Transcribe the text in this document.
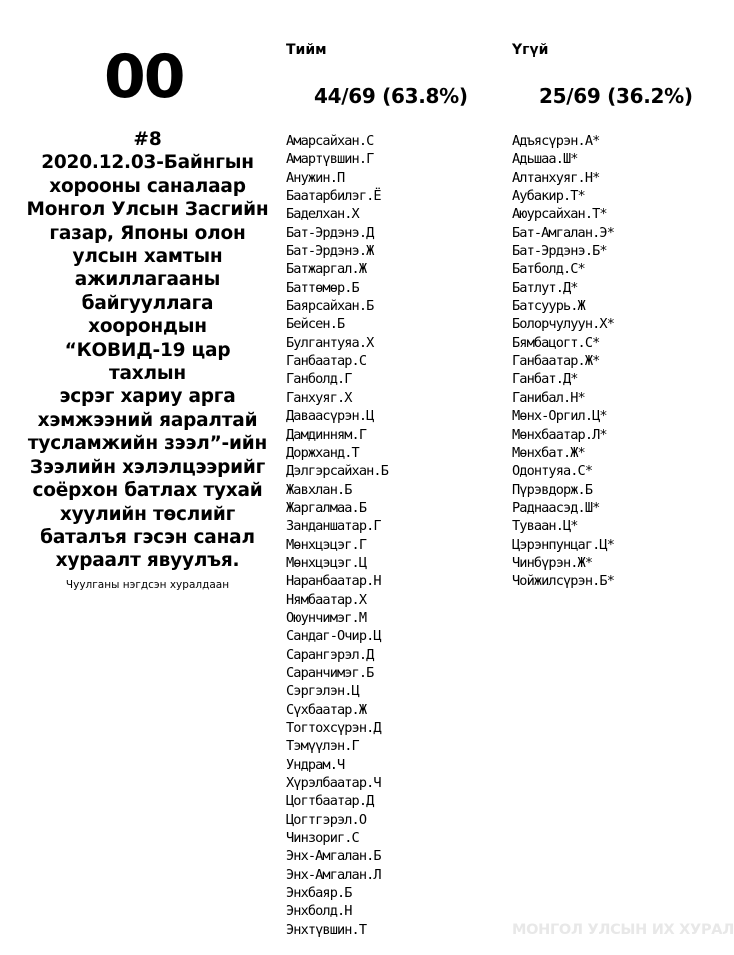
00
#8
2020.12.03-Байнгын
хорооны саналаар
Монгол Улсын Засгийн
газар, Японы олон
улсын хамтын
ажиллагааны
байгууллага хоорондын
“КОВИД-19 цар тахлын
эсрэг хариу арга
хэмжээний яаралтай
тусламжийн зээл”-ийн
Зээлийн хэлэлцээрийг
соёрхон батлах тухай
хуулийн төслийг
баталъя гэсэн санал
хураалт явуулъя.
Чуулганы нэгдсэн хуралдаан
Тийм	Үгүй
44/69 (63.8%)	25/69 (36.2%)
Амарсайхан.С
Амартүвшин.Г
Анужин.П
Баатарбилэг.Ё
Баделхан.Х
Бат-Эрдэнэ.Д
Бат-Эрдэнэ.Ж
Батжаргал.Ж
Баттөмөр.Б
Баярсайхан.Б
Бейсен.Б
Булгантуяа.Х
Ганбаатар.С
Ганболд.Г
Ганхуяг.Х
Даваасүрэн.Ц
Дамдинням.Г
Доржханд.Т
Дэлгэрсайхан.Б
Жавхлан.Б
Жаргалмаа.Б
Занданшатар.Г
Мөнхцэцэг.Г
Мөнхцэцэг.Ц
Наранбаатар.Н
Нямбаатар.Х
Оюунчимэг.М
Сандаг-Очир.Ц
Сарангэрэл.Д
Саранчимэг.Б
Сэргэлэн.Ц
Сүхбаатар.Ж
Тогтохсүрэн.Д
Тэмүүлэн.Г
Ундрам.Ч
Хүрэлбаатар.Ч
Цогтбаатар.Д
Цогтгэрэл.О
Чинзориг.С
Энх-Амгалан.Б
Энх-Амгалан.Л
Энхбаяр.Б
Энхболд.Н
Энхтүвшин.Т
Адъясүрэн.А*
Адьшаа.Ш*
Алтанхуяг.Н*
Аубакир.Т*
Аюурсайхан.Т*
Бат-Амгалан.Э*
Бат-Эрдэнэ.Б*
Батболд.С*
Батлут.Д*
Батсуурь.Ж
Болорчулуун.Х*
Бямбацогт.С*
Ганбаатар.Ж*
Ганбат.Д*
Ганибал.Н*
Мөнх-Оргил.Ц*
Мөнхбаатар.Л*
Мөнхбат.Ж*
Одонтуяа.С*
Пүрэвдорж.Б
Раднаасэд.Ш*
Туваан.Ц*
Цэрэнпунцаг.Ц*
Чинбүрэн.Ж*
Чойжилсүрэн.Б*
МОНГОЛ УЛСЫН ИХ ХУРАЛ
